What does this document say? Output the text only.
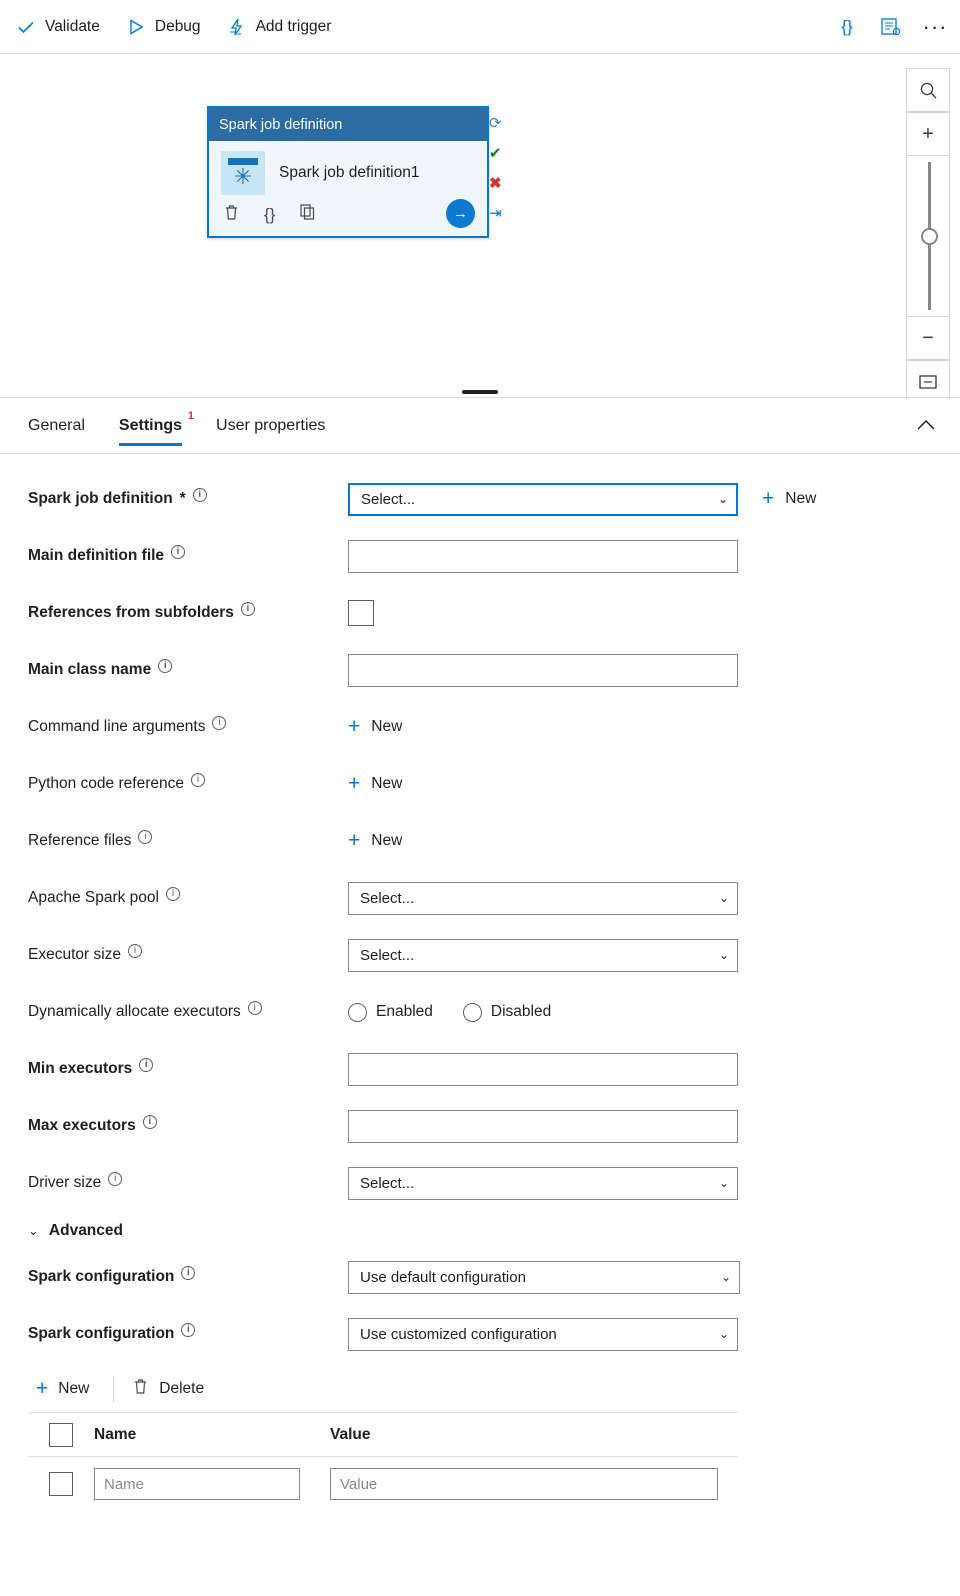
Validate	Debug	Add trigger	{}	···
Spark job definition
✳	Spark job definition1
{}	→
⟳
✔
✖
⇥
+
−
General Settings
1
User properties
Spark job definition *	i	Select...	⌄ + New
Main definition file	i
References from subfolders	i
Main class name	i
Command line arguments	i	+ New
Python code reference	i	+ New
Reference files	i	+ New
Apache Spark pool	i	Select...	⌄
Executor size	i	Select...	⌄
Dynamically allocate executors	i	Enabled	Disabled
Min executors	i
Max executors	i
Driver size	i	Select...	⌄
⌄ Advanced
Spark configuration	i	Use default configuration	⌄
Spark configuration	i	Use customized configuration	⌄
+ New	Delete
Name	Value
Name	Value
